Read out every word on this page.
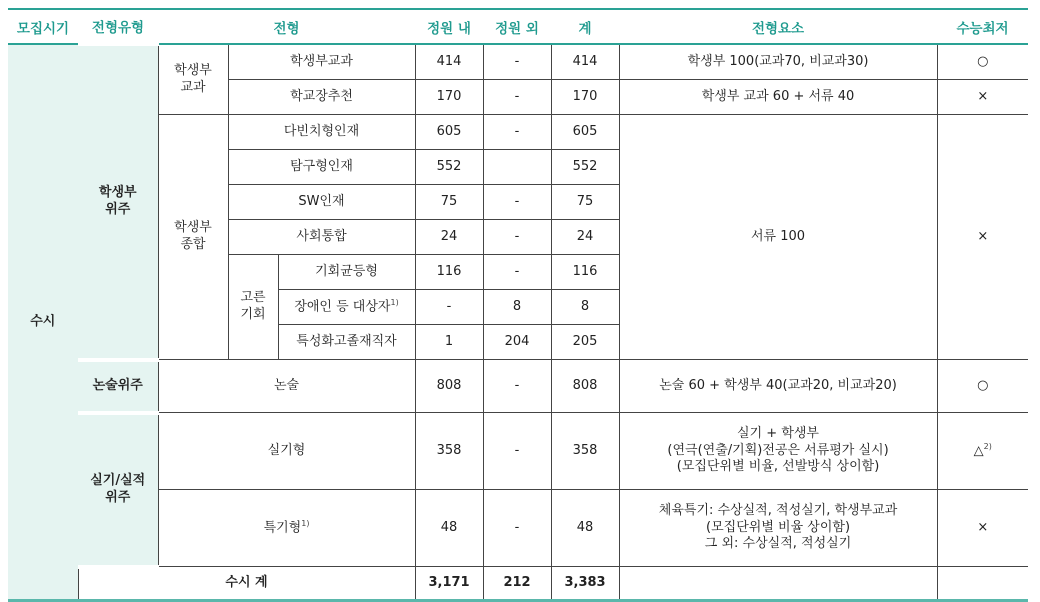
모집시기	전형유형	전형			정원 내	정원 외	계	전형요소	수능최저
수시	학생부 위주	학생부 교과	학생부교과		414	-	414	학생부 100(교과70, 비교과30)	○
			학교장추천		170	-	170	학생부 교과 60 + 서류 40	×
		학생부 종합	다빈치형인재		605	-	605	서류 100	×
			탐구형인재		552		552		
			SW인재		75	-	75		
			사회통합		24	-	24		
			고른 기회	기회균등형	116	-	116		
				장애인 등 대상자$^{1)}$	-	8	8		
				특성화고졸재직자	1	204	205		
	논술위주	논술			808	-	808	논술 60 + 학생부 40(교과20, 비교과20)	○
	실기/실적 위주	실기형			358	-	358	실기 + 학생부
(연극(연출/기획)전공은 서류평가 실시)
(모집단위별 비율, 선발방식 상이함)	△$^{2)}$
		특기형$^{1)}$			48	-	48	체육특기: 수상실적, 적성실기, 학생부교과
(모집단위별 비율 상이함)
그 외: 수상실적, 적성실기	×
	수시 계				3,171	212	3,383		
